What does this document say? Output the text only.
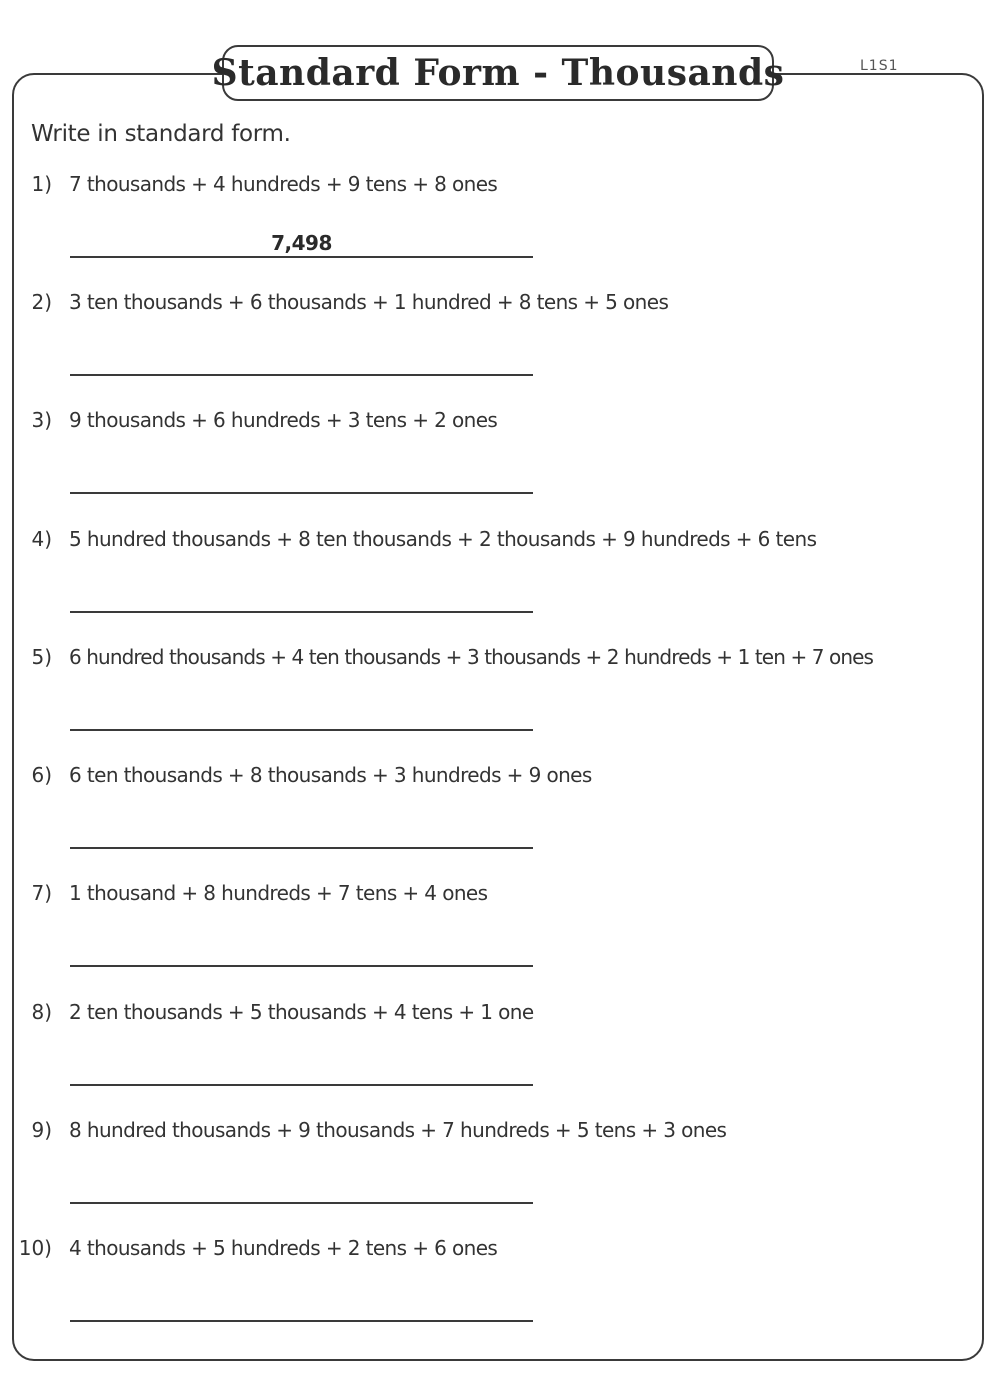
Standard Form - Thousands	L1S1
Write in standard form.
1) 7 thousands + 4 hundreds + 9 tens + 8 ones
7,498
2) 3 ten thousands + 6 thousands + 1 hundred + 8 tens + 5 ones
3) 9 thousands + 6 hundreds + 3 tens + 2 ones
4) 5 hundred thousands + 8 ten thousands + 2 thousands + 9 hundreds + 6 tens
5) 6 hundred thousands + 4 ten thousands + 3 thousands + 2 hundreds + 1 ten + 7 ones
6) 6 ten thousands + 8 thousands + 3 hundreds + 9 ones
7) 1 thousand + 8 hundreds + 7 tens + 4 ones
8) 2 ten thousands + 5 thousands + 4 tens + 1 one
9) 8 hundred thousands + 9 thousands + 7 hundreds + 5 tens + 3 ones
10) 4 thousands + 5 hundreds + 2 tens + 6 ones
